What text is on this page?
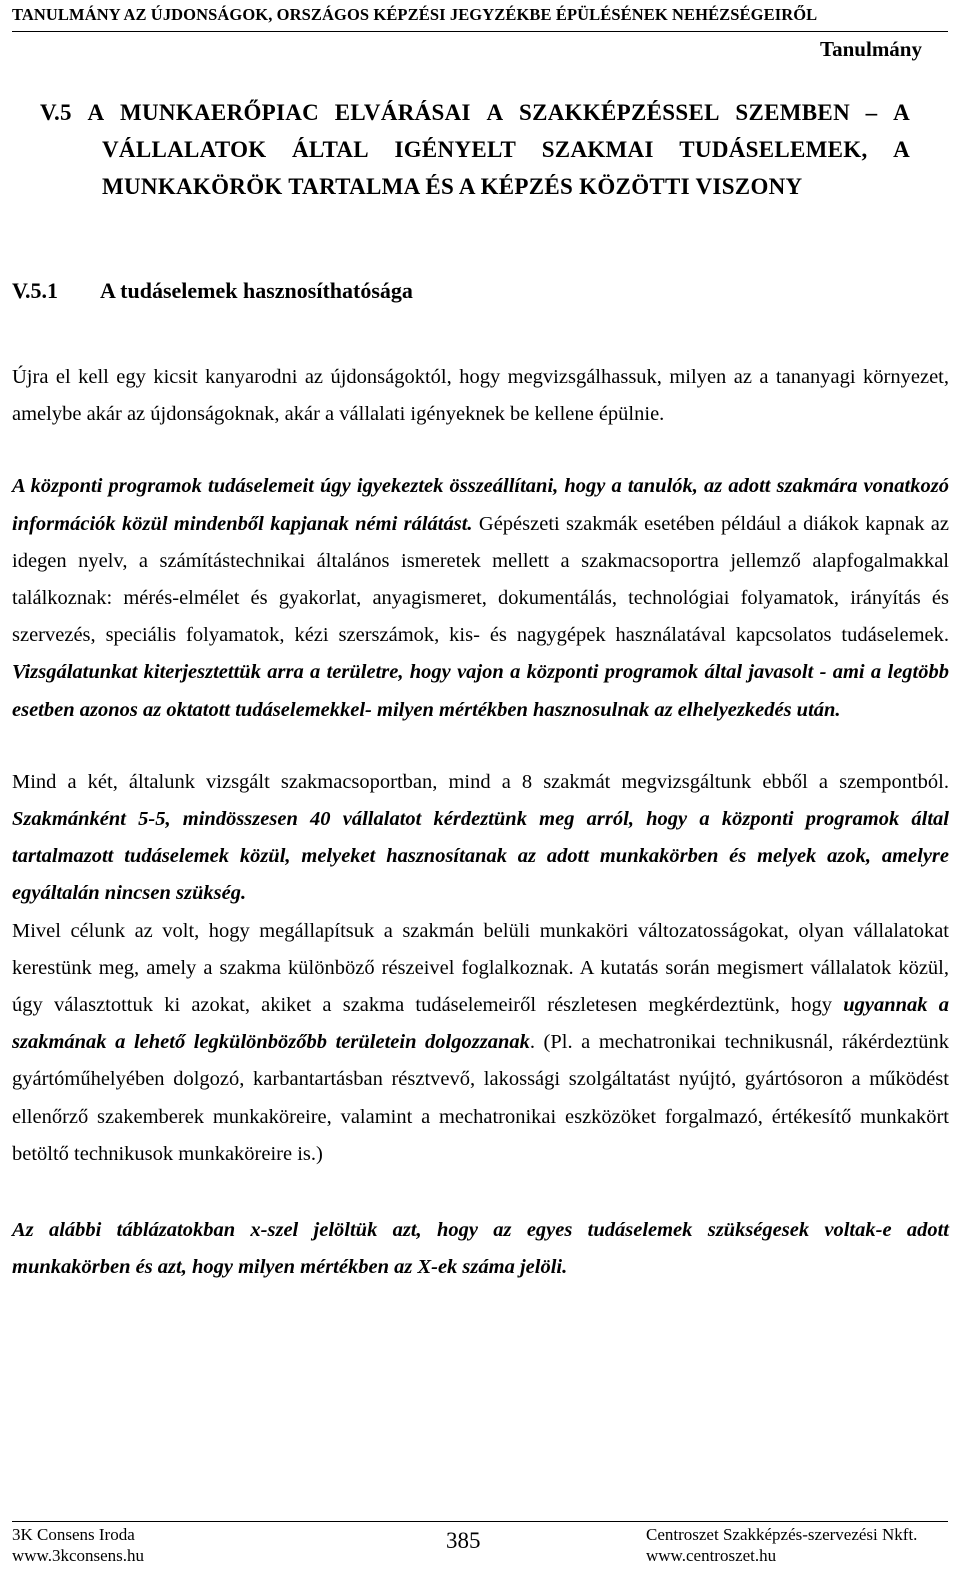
TANULMÁNY AZ ÚJDONSÁGOK, ORSZÁGOS KÉPZÉSI JEGYZÉKBE ÉPÜLÉSÉNEK NEHÉZSÉGEIRŐL
Tanulmány
V.5 A MUNKAERŐPIAC ELVÁRÁSAI A SZAKKÉPZÉSSEL SZEMBEN – A
VÁLLALATOK ÁLTAL IGÉNYELT SZAKMAI TUDÁSELEMEK, A
MUNKAKÖRÖK TARTALMA ÉS A KÉPZÉS KÖZÖTTI VISZONY
V.5.1 A tudáselemek hasznosíthatósága

Újra el kell egy kicsit kanyarodni az újdonságoktól, hogy megvizsgálhassuk, milyen az a tananyagi környezet, amelybe akár az újdonságoknak, akár a vállalati igényeknek be kellene épülnie.

A központi programok tudáselemeit úgy igyekeztek összeállítani, hogy a tanulók, az adott szakmára vonatkozó információk közül mindenből kapjanak némi rálátást. Gépészeti szakmák esetében például a diákok kapnak az idegen nyelv, a számítástechnikai általános ismeretek mellett a szakmacsoportra jellemző alapfogalmakkal találkoznak: mérés-elmélet és gyakorlat, anyagismeret, dokumentálás, technológiai folyamatok, irányítás és szervezés, speciális folyamatok, kézi szerszámok, kis- és nagygépek használatával kapcsolatos tudáselemek. Vizsgálatunkat kiterjesztettük arra a területre, hogy vajon a központi programok által javasolt - ami a legtöbb esetben azonos az oktatott tudáselemekkel- milyen mértékben hasznosulnak az elhelyezkedés után.

Mind a két, általunk vizsgált szakmacsoportban, mind a 8 szakmát megvizsgáltunk ebből a szempontból. Szakmánként 5-5, mindösszesen 40 vállalatot kérdeztünk meg arról, hogy a központi programok által tartalmazott tudáselemek közül, melyeket hasznosítanak az adott munkakörben és melyek azok, amelyre egyáltalán nincsen szükség.

Mivel célunk az volt, hogy megállapítsuk a szakmán belüli munkaköri változatosságokat, olyan vállalatokat kerestünk meg, amely a szakma különböző részeivel foglalkoznak. A kutatás során megismert vállalatok közül, úgy választottuk ki azokat, akiket a szakma tudáselemeiről részletesen megkérdeztünk, hogy ugyannak a szakmának a lehető legkülönbözőbb területein dolgozzanak. (Pl. a mechatronikai technikusnál, rákérdeztünk gyártóműhelyében dolgozó, karbantartásban résztvevő, lakossági szolgáltatást nyújtó, gyártósoron a működést ellenőrző szakemberek munkaköreire, valamint a mechatronikai eszközöket forgalmazó, értékesítő munkakört betöltő technikusok munkaköreire is.)

Az alábbi táblázatokban x-szel jelöltük azt, hogy az egyes tudáselemek szükségesek voltak-e adott munkakörben és azt, hogy milyen mértékben az X-ek száma jelöli.

3K Consens Iroda
www.3kconsens.hu
385	Centroszet Szakképzés-szervezési Nkft.
www.centroszet.hu
